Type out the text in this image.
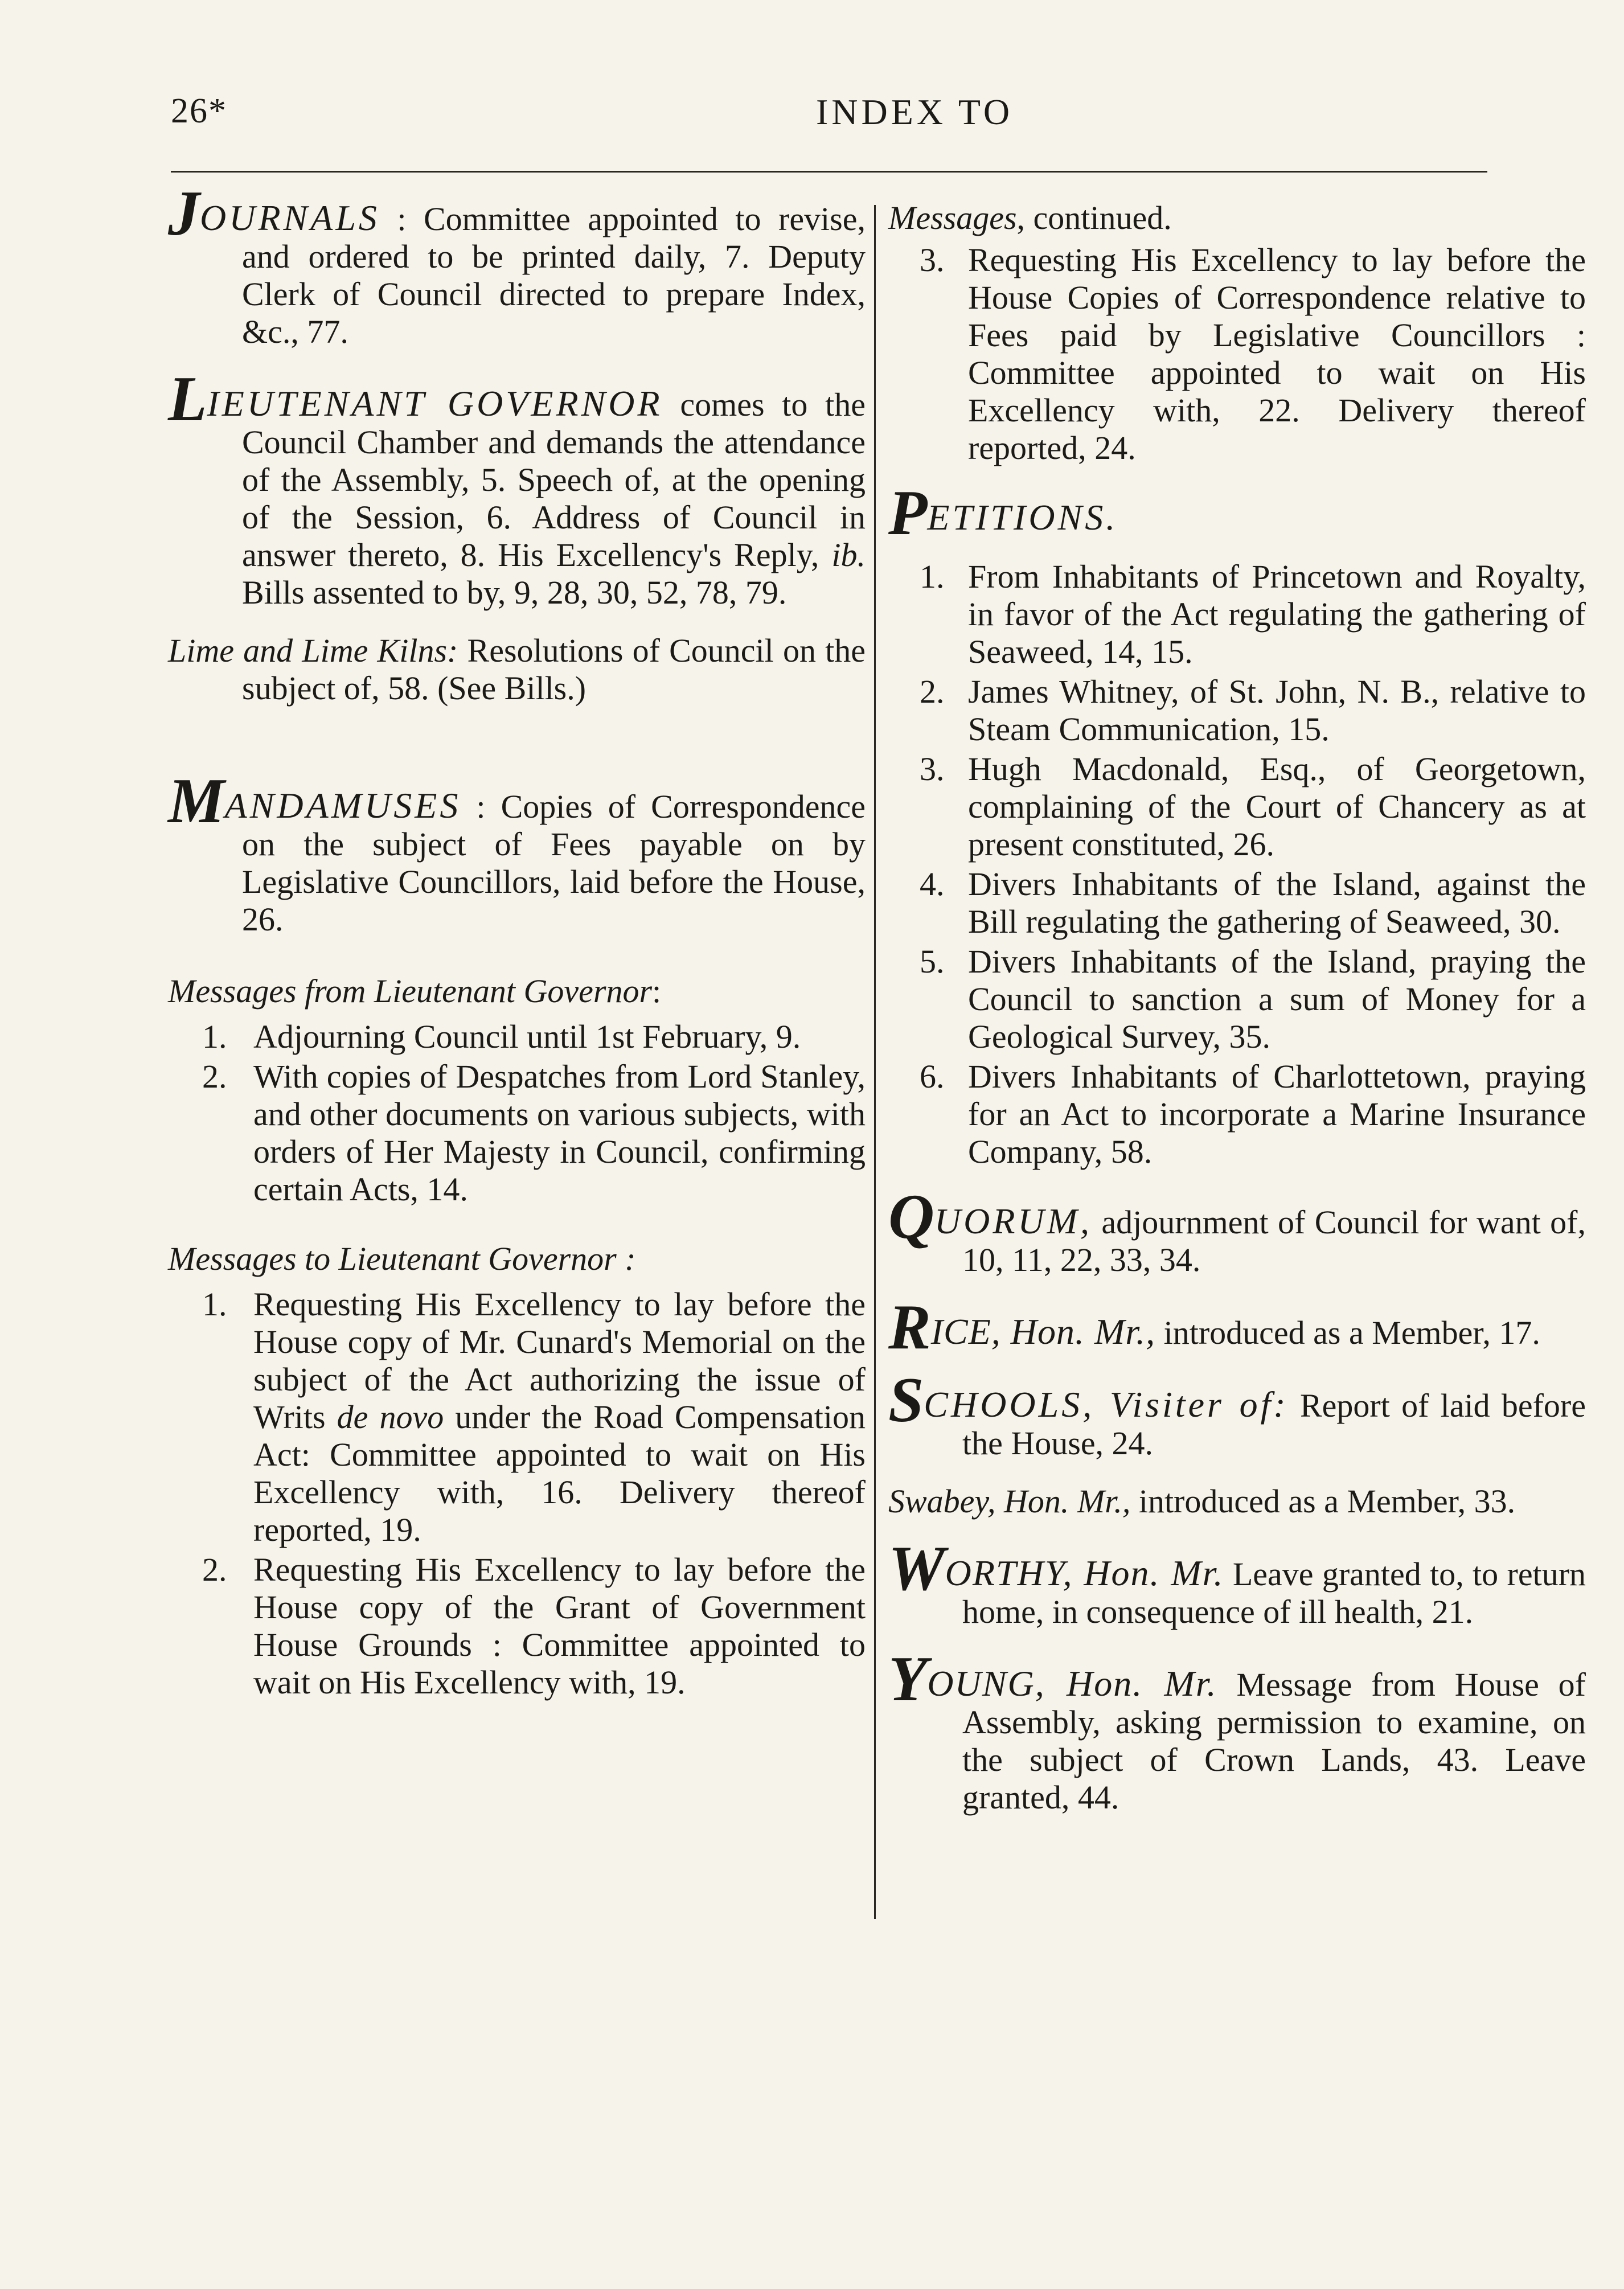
26*	INDEX TO

JOURNALS : Committee appointed to revise, and ordered to be printed daily, 7. Deputy Clerk of Council directed to prepare Index, &c., 77.

LIEUTENANT GOVERNOR comes to the Council Chamber and demands the attendance of the Assembly, 5. Speech of, at the opening of the Session, 6. Address of Council in answer thereto, 8. His Excellency's Reply, ib. Bills assented to by, 9, 28, 30, 52, 78, 79.

Lime and Lime Kilns: Resolutions of Council on the subject of, 58. (See Bills.)

MANDAMUSES : Copies of Correspondence on the subject of Fees payable on by Legislative Councillors, laid before the House, 26.

Messages from Lieutenant Governor:

1. Adjourning Council until 1st February, 9.
2. With copies of Despatches from Lord Stanley, and other documents on various subjects, with orders of Her Majesty in Council, confirming certain Acts, 14.

Messages to Lieutenant Governor :

1. Requesting His Excellency to lay before the House copy of Mr. Cunard's Memorial on the subject of the Act authorizing the issue of Writs de novo under the Road Compensation Act: Committee appointed to wait on His Excellency with, 16. Delivery thereof reported, 19.
2. Requesting His Excellency to lay before the House copy of the Grant of Government House Grounds : Committee appointed to wait on His Excellency with, 19.

Messages, continued.

3. Requesting His Excellency to lay before the House Copies of Correspondence relative to Fees paid by Legislative Councillors : Committee appointed to wait on His Excellency with, 22. Delivery thereof reported, 24.

PETITIONS.

1. From Inhabitants of Princetown and Royalty, in favor of the Act regulating the gathering of Seaweed, 14, 15.
2. James Whitney, of St. John, N. B., relative to Steam Communication, 15.
3. Hugh Macdonald, Esq., of Georgetown, complaining of the Court of Chancery as at present constituted, 26.
4. Divers Inhabitants of the Island, against the Bill regulating the gathering of Seaweed, 30.
5. Divers Inhabitants of the Island, praying the Council to sanction a sum of Money for a Geological Survey, 35.
6. Divers Inhabitants of Charlottetown, praying for an Act to incorporate a Marine Insurance Company, 58.

QUORUM, adjournment of Council for want of, 10, 11, 22, 33, 34.

RICE, Hon. Mr., introduced as a Member, 17.

SCHOOLS, Visiter of: Report of laid before the House, 24.

Swabey, Hon. Mr., introduced as a Member, 33.

WORTHY, Hon. Mr. Leave granted to, to return home, in consequence of ill health, 21.

YOUNG, Hon. Mr. Message from House of Assembly, asking permission to examine, on the subject of Crown Lands, 43. Leave granted, 44.
